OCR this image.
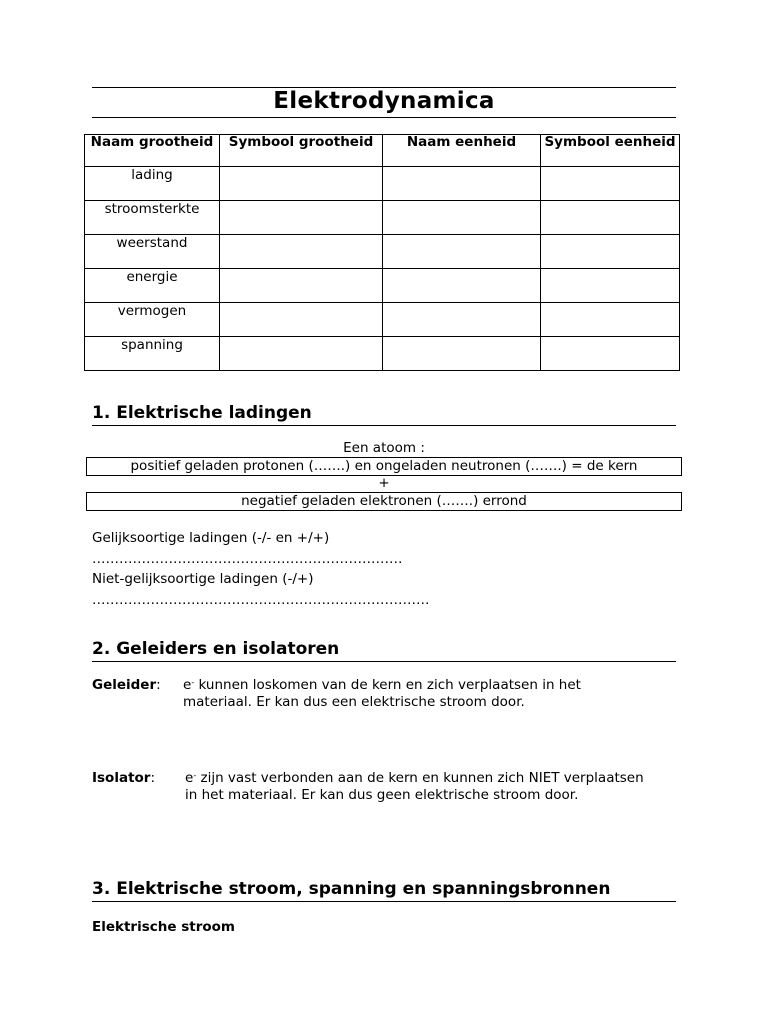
Elektrodynamica
Naam grootheid	Symbool grootheid	Naam eenheid	Symbool eenheid
lading			
stroomsterkte			
weerstand			
energie			
vermogen			
spanning			
1. Elektrische ladingen
Een atoom :
positief geladen protonen (…….) en ongeladen neutronen (…….) = de kern
+
negatief geladen elektronen (…….) errond
Gelijksoortige ladingen (-/- en +/+)
……………………………………………………………
Niet-gelijksoortige ladingen (-/+)
…………………………………………………………………
2. Geleiders en isolatoren
Geleider: e- kunnen loskomen van de kern en zich verplaatsen in het
materiaal. Er kan dus een elektrische stroom door.
Isolator: e- zijn vast verbonden aan de kern en kunnen zich NIET verplaatsen
in het materiaal. Er kan dus geen elektrische stroom door.
3. Elektrische stroom, spanning en spanningsbronnen
Elektrische stroom
